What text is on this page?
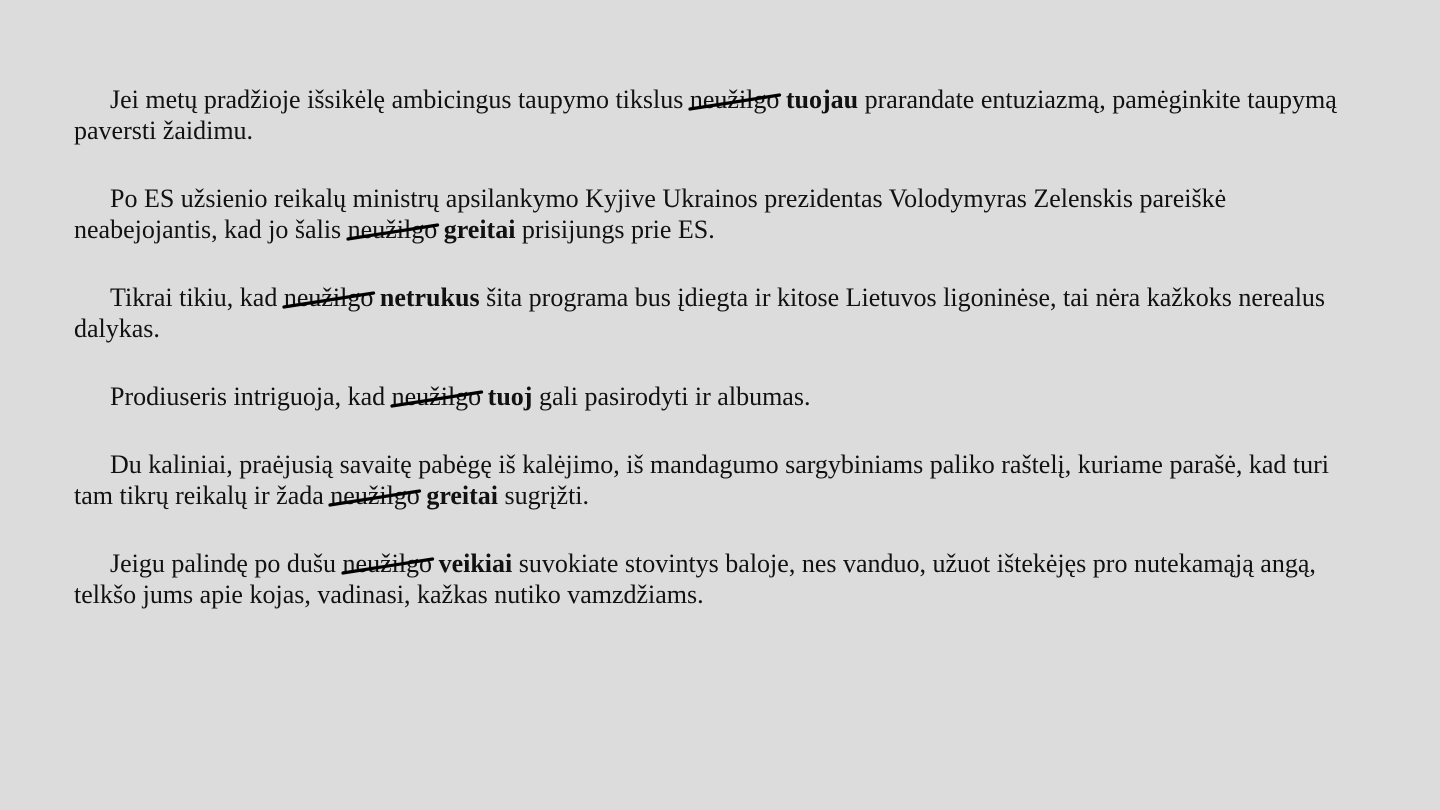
Jei metų pradžioje išsikėlę ambicingus taupymo tikslus neužilgo tuojau prarandate entuziazmą, pamėginkite taupymą paversti žaidimu.

Po ES užsienio reikalų ministrų apsilankymo Kyjive Ukrainos prezidentas Volodymyras Zelenskis pareiškė neabejojantis, kad jo šalis neužilgo greitai prisijungs prie ES.

Tikrai tikiu, kad neužilgo netrukus šita programa bus įdiegta ir kitose Lietuvos ligoninėse, tai nėra kažkoks nerealus dalykas.

Prodiuseris intriguoja, kad neužilgo tuoj gali pasirodyti ir albumas.

Du kaliniai, praėjusią savaitę pabėgę iš kalėjimo, iš mandagumo sargybiniams paliko raštelį, kuriame parašė, kad turi tam tikrų reikalų ir žada neužilgo greitai sugrįžti.

Jeigu palindę po dušu neužilgo veikiai suvokiate stovintys baloje, nes vanduo, užuot ištekėjęs pro nutekamąją angą, telkšo jums apie kojas, vadinasi, kažkas nutiko vamzdžiams.
